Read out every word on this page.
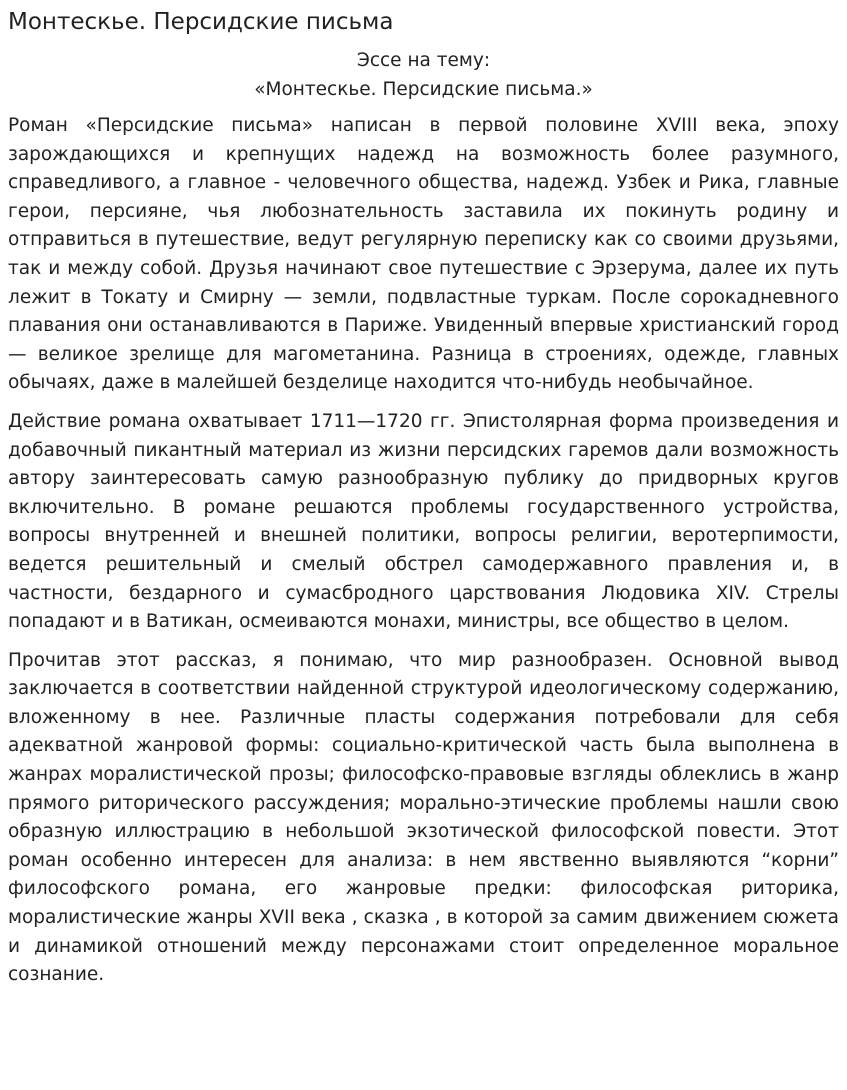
Монтескье. Персидские письма

Эссе на тему:

«Монтескье. Персидские письма.»

Роман «Персидские письма» написан в первой половине XVIII века, эпоху зарождающихся и крепнущих надежд на возможность более разумного, справедливого, а главное - человечного общества, надежд. Узбек и Рика, главные герои, персияне, чья любознательность заставила их покинуть родину и отправиться в путешествие, ведут регулярную переписку как со своими друзьями, так и между собой. Друзья начинают свое путешествие с Эрзерума, далее их путь лежит в Токату и Смирну — земли, подвластные туркам. После сорокадневного плавания они останавливаются в Париже. Увиденный впервые христианский город — великое зрелище для магометанина. Разница в строениях, одежде, главных обычаях, даже в малейшей безделице находится что-нибудь необычайное.

Действие романа охватывает 1711—1720 гг. Эпистолярная форма произведения и добавочный пикантный материал из жизни персидских гаремов дали возможность автору заинтересовать самую разнообразную публику до придворных кругов включительно. В романе решаются проблемы государственного устройства, вопросы внутренней и внешней политики, вопросы религии, веротерпимости, ведется решительный и смелый обстрел самодержавного правления и, в частности, бездарного и сумасбродного царствования Людовика XIV. Стрелы попадают и в Ватикан, осмеиваются монахи, министры, все общество в целом.

Прочитав этот рассказ, я понимаю, что мир разнообразен. Основной вывод заключается в соответствии найденной структурой идеологическому содержанию, вложенному в нее. Различные пласты содержания потребовали для себя адекватной жанровой формы: социально-критической часть была выполнена в жанрах моралистической прозы; философско-правовые взгляды облеклись в жанр прямого риторического рассуждения; морально-этические проблемы нашли свою образную иллюстрацию в небольшой экзотической философской повести. Этот роман особенно интересен для анализа: в нем явственно выявляются “корни” философского романа, его жанровые предки: философская риторика, моралистические жанры XVII века , сказка , в которой за самим движением сюжета и динамикой отношений между персонажами стоит определенное моральное сознание.
